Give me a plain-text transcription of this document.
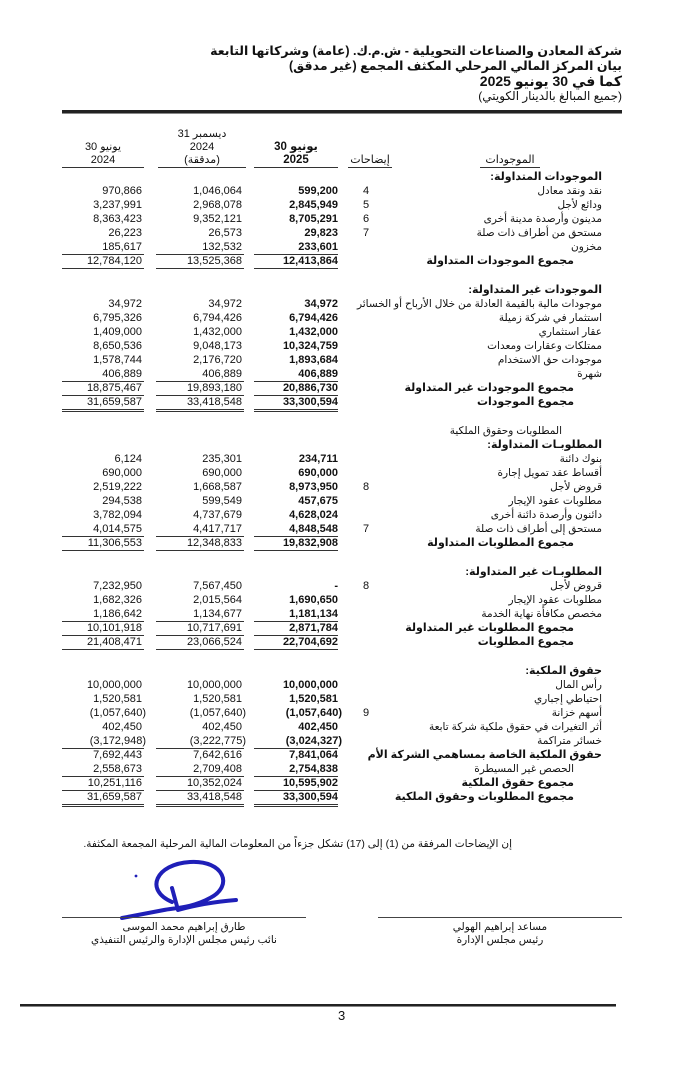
شركة المعادن والصناعات التحويلية - ش.م.ك. (عامة) وشركاتها التابعة
بيان المركز المالي المرحلي المكثف المجمع (غير مدقق)
كما في 30 يونيو 2025
(جميع المبالغ بالدينار الكويتي)
31 ديسمبر
2024
(مدققة)
30 يونيو
2024
30 يونيو
2025	إيضاحات	الموجودات
الموجودات المتداولة:
970,866	1,046,064	599,200	4	نقد ونقد معادل
3,237,991	2,968,078	2,845,949	5	ودائع لأجل
8,363,423	9,352,121	8,705,291	6	مدينون وأرصدة مدينة أخرى
26,223	26,573	29,823	7	مستحق من أطراف ذات صلة
185,617	132,532	233,601	مخزون
12,784,120	13,525,368	12,413,864	مجموع الموجودات المتداولة
الموجودات غير المتداولة:
34,972	34,972	34,972 موجودات مالية بالقيمة العادلة من خلال الأرباح أو الخسائر
6,795,326	6,794,426	6,794,426	استثمار في شركة زميلة
1,409,000	1,432,000	1,432,000	عقار استثماري
8,650,536	9,048,173	10,324,759	ممتلكات وعقارات ومعدات
1,578,744	2,176,720	1,893,684	موجودات حق الاستخدام
406,889	406,889	406,889	شهرة
18,875,467	19,893,180	20,886,730	مجموع الموجودات غير المتداولة
31,659,587	33,418,548	33,300,594	مجموع الموجودات
المطلوبات وحقوق الملكية
المطلوبـات المتداولة:
6,124	235,301	234,711	بنوك دائنة
690,000	690,000	690,000	أقساط عقد تمويل إجارة
2,519,222	1,668,587	8,973,950	8	قروض لأجل
294,538	599,549	457,675	مطلوبات عقود الإيجار
3,782,094	4,737,679	4,628,024	دائنون وأرصدة دائنة أخرى
4,014,575	4,417,717	4,848,548	7	مستحق إلى أطراف ذات صلة
11,306,553	12,348,833	19,832,908	مجموع المطلوبات المتداولة
المطلوبـات غير المتداولة:
7,232,950	7,567,450	-	8	قروض لأجل
1,682,326	2,015,564	1,690,650	مطلوبات عقود الإيجار
1,186,642	1,134,677	1,181,134	مخصص مكافأة نهاية الخدمة
10,101,918	10,717,691	2,871,784	مجموع المطلوبات غير المتداولة
21,408,471	23,066,524	22,704,692	مجموع المطلوبات
حقوق الملكية:
10,000,000	10,000,000	10,000,000	رأس المال
1,520,581	1,520,581	1,520,581	احتياطي إجباري
(1,057,640)	(1,057,640)	(1,057,640)	9	أسهم خزانة
402,450	402,450	402,450	أثر التغيرات في حقوق ملكية شركة تابعة
(3,172,948)	(3,222,775)	(3,024,327)	خسائر متراكمة
7,692,443	7,642,616	7,841,064	حقوق الملكية الخاصة بمساهمي الشركة الأم
2,558,673	2,709,408	2,754,838	الحصص غير المسيطرة
10,251,116	10,352,024	10,595,902	مجموع حقوق الملكية
31,659,587	33,418,548	33,300,594	مجموع المطلوبات وحقوق الملكية
إن الإيضاحات المرفقة من (1) إلى (17) تشكل جزءاً من المعلومات المالية المرحلية المجمعة المكثفة.
طارق إبراهيم محمد الموسى
نائب رئيس مجلس الإدارة والرئيس التنفيذي
مساعد إبراهيم الهولي
رئيس مجلس الإدارة
3
